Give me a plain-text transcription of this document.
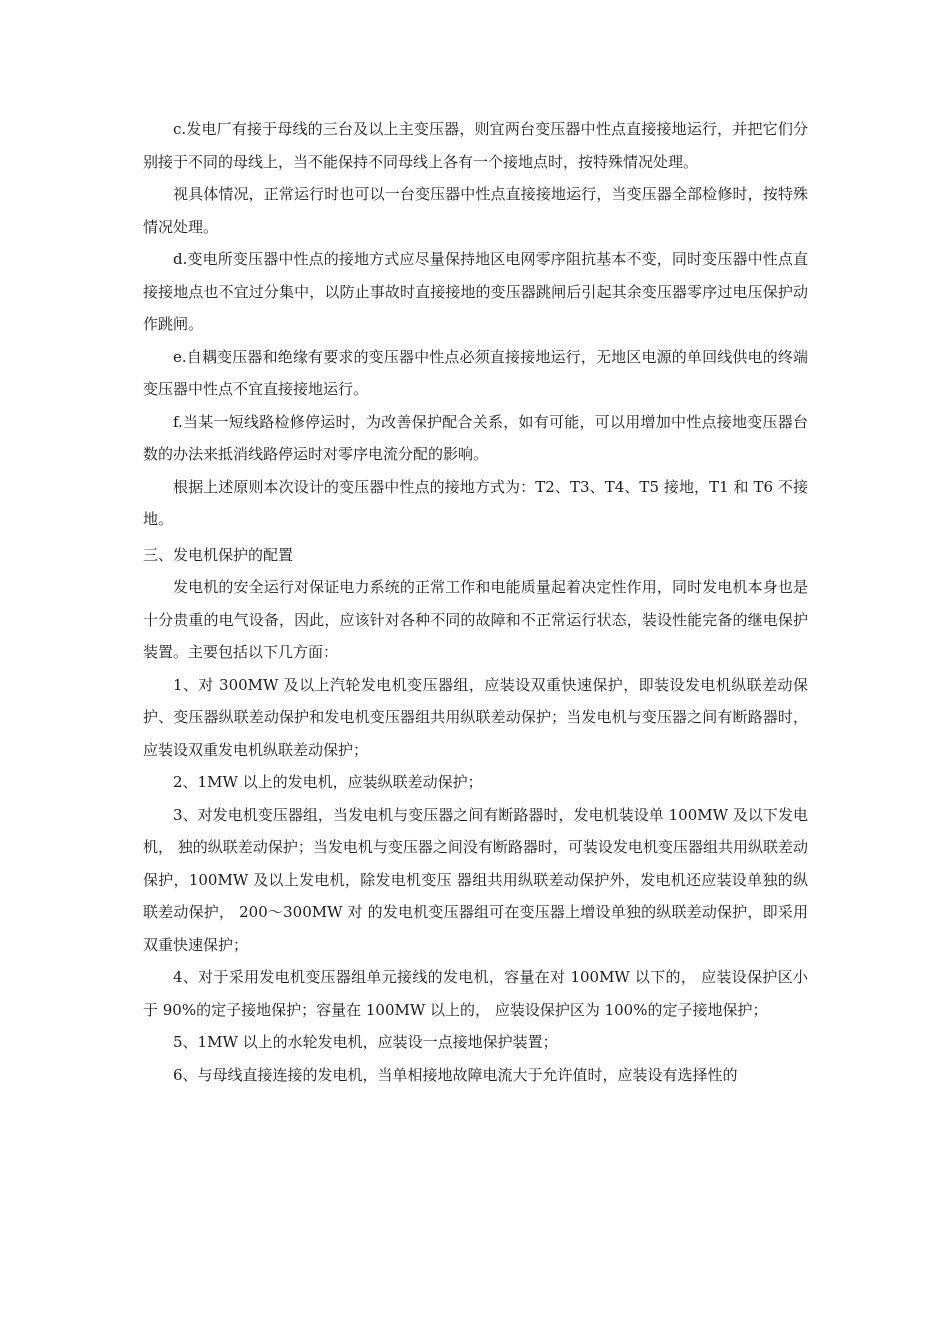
c.发电厂有接于母线的三台及以上主变压器，则宜两台变压器中性点直接接地运行，并把它们分别接于不同的母线上，当不能保持不同母线上各有一个接地点时，按特殊情况处理。

视具体情况，正常运行时也可以一台变压器中性点直接接地运行，当变压器全部检修时，按特殊情况处理。

d.变电所变压器中性点的接地方式应尽量保持地区电网零序阻抗基本不变，同时变压器中性点直接接地点也不宜过分集中，以防止事故时直接接地的变压器跳闸后引起其余变压器零序过电压保护动作跳闸。

e.自耦变压器和绝缘有要求的变压器中性点必须直接接地运行，无地区电源的单回线供电的终端变压器中性点不宜直接接地运行。

f.当某一短线路检修停运时，为改善保护配合关系，如有可能，可以用增加中性点接地变压器台数的办法来抵消线路停运时对零序电流分配的影响。

根据上述原则本次设计的变压器中性点的接地方式为：T2、T3、T4、T5 接地，T1 和 T6 不接地。

三、发电机保护的配置

发电机的安全运行对保证电力系统的正常工作和电能质量起着决定性作用，同时发电机本身也是十分贵重的电气设备，因此，应该针对各种不同的故障和不正常运行状态，装设性能完备的继电保护装置。主要包括以下几方面：

1、对 300MW 及以上汽轮发电机变压器组，应装设双重快速保护，即装设发电机纵联差动保护、变压器纵联差动保护和发电机变压器组共用纵联差动保护；当发电机与变压器之间有断路器时，应装设双重发电机纵联差动保护；

2、1MW 以上的发电机，应装纵联差动保护；

3、对发电机变压器组，当发电机与变压器之间有断路器时，发电机装设单 100MW 及以下发电机， 独的纵联差动保护；当发电机与变压器之间没有断路器时，可装设发电机变压器组共用纵联差动保护，100MW 及以上发电机，除发电机变压 器组共用纵联差动保护外，发电机还应装设单独的纵联差动保护， 200～300MW 对 的发电机变压器组可在变压器上增设单独的纵联差动保护，即采用双重快速保护；

4、对于采用发电机变压器组单元接线的发电机，容量在对 100MW 以下的， 应装设保护区小于 90%的定子接地保护；容量在 100MW 以上的， 应装设保护区为 100%的定子接地保护；

5、1MW 以上的水轮发电机，应装设一点接地保护装置；

6、与母线直接连接的发电机，当单相接地故障电流大于允许值时，应装设有选择性的
